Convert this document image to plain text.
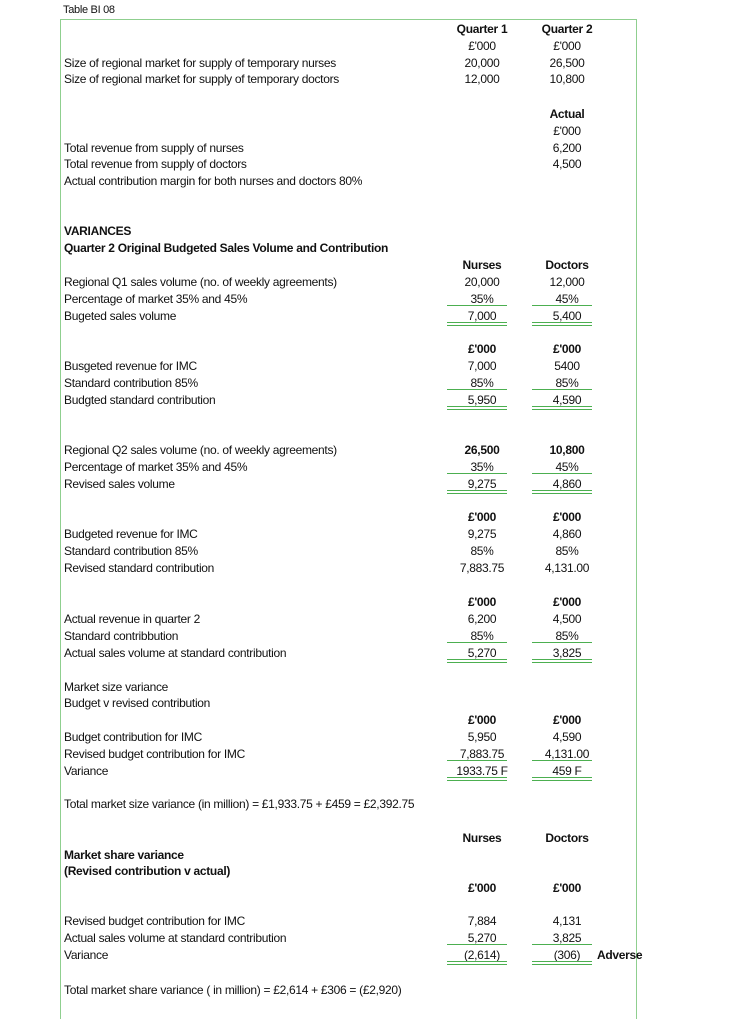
Table BI 08
Quarter 1	Quarter 2
£'000	£'000
Size of regional market for supply of temporary nurses	20,000	26,500
Size of regional market for supply of temporary doctors	12,000	10,800
Actual
£'000
Total revenue from supply of nurses	6,200
Total revenue from supply of doctors	4,500
Actual contribution margin for both nurses and doctors 80%
VARIANCES
Quarter 2 Original Budgeted Sales Volume and Contribution
Nurses	Doctors
Regional Q1 sales volume (no. of weekly agreements)	20,000	12,000
Percentage of market 35% and 45%	35%	45%
Bugeted sales volume	7,000	5,400
£'000	£'000
Busgeted revenue for IMC	7,000	5400
Standard contribution 85%	85%	85%
Budgted standard contribution	5,950	4,590
Regional Q2 sales volume (no. of weekly agreements)	26,500	10,800
Percentage of market 35% and 45%	35%	45%
Revised sales volume	9,275	4,860
£'000	£'000
Budgeted revenue for IMC	9,275	4,860
Standard contribution 85%	85%	85%
Revised standard contribution	7,883.75	4,131.00
£'000	£'000
Actual revenue in quarter 2	6,200	4,500
Standard contribbution	85%	85%
Actual sales volume at standard contribution	5,270	3,825
Market size variance
Budget v revised contribution
£'000	£'000
Budget contribution for IMC	5,950	4,590
Revised budget contribution for IMC	7,883.75	4,131.00
Variance	1933.75 F	459 F
Total market size variance (in million) = £1,933.75 + £459 = £2,392.75
Nurses	Doctors
Market share variance
(Revised contribution v actual)
£'000	£'000
Revised budget contribution for IMC	7,884	4,131
Actual sales volume at standard contribution	5,270	3,825
Variance	(2,614)	(306)	Adverse
Total market share variance ( in million) = £2,614 + £306 = (£2,920)
